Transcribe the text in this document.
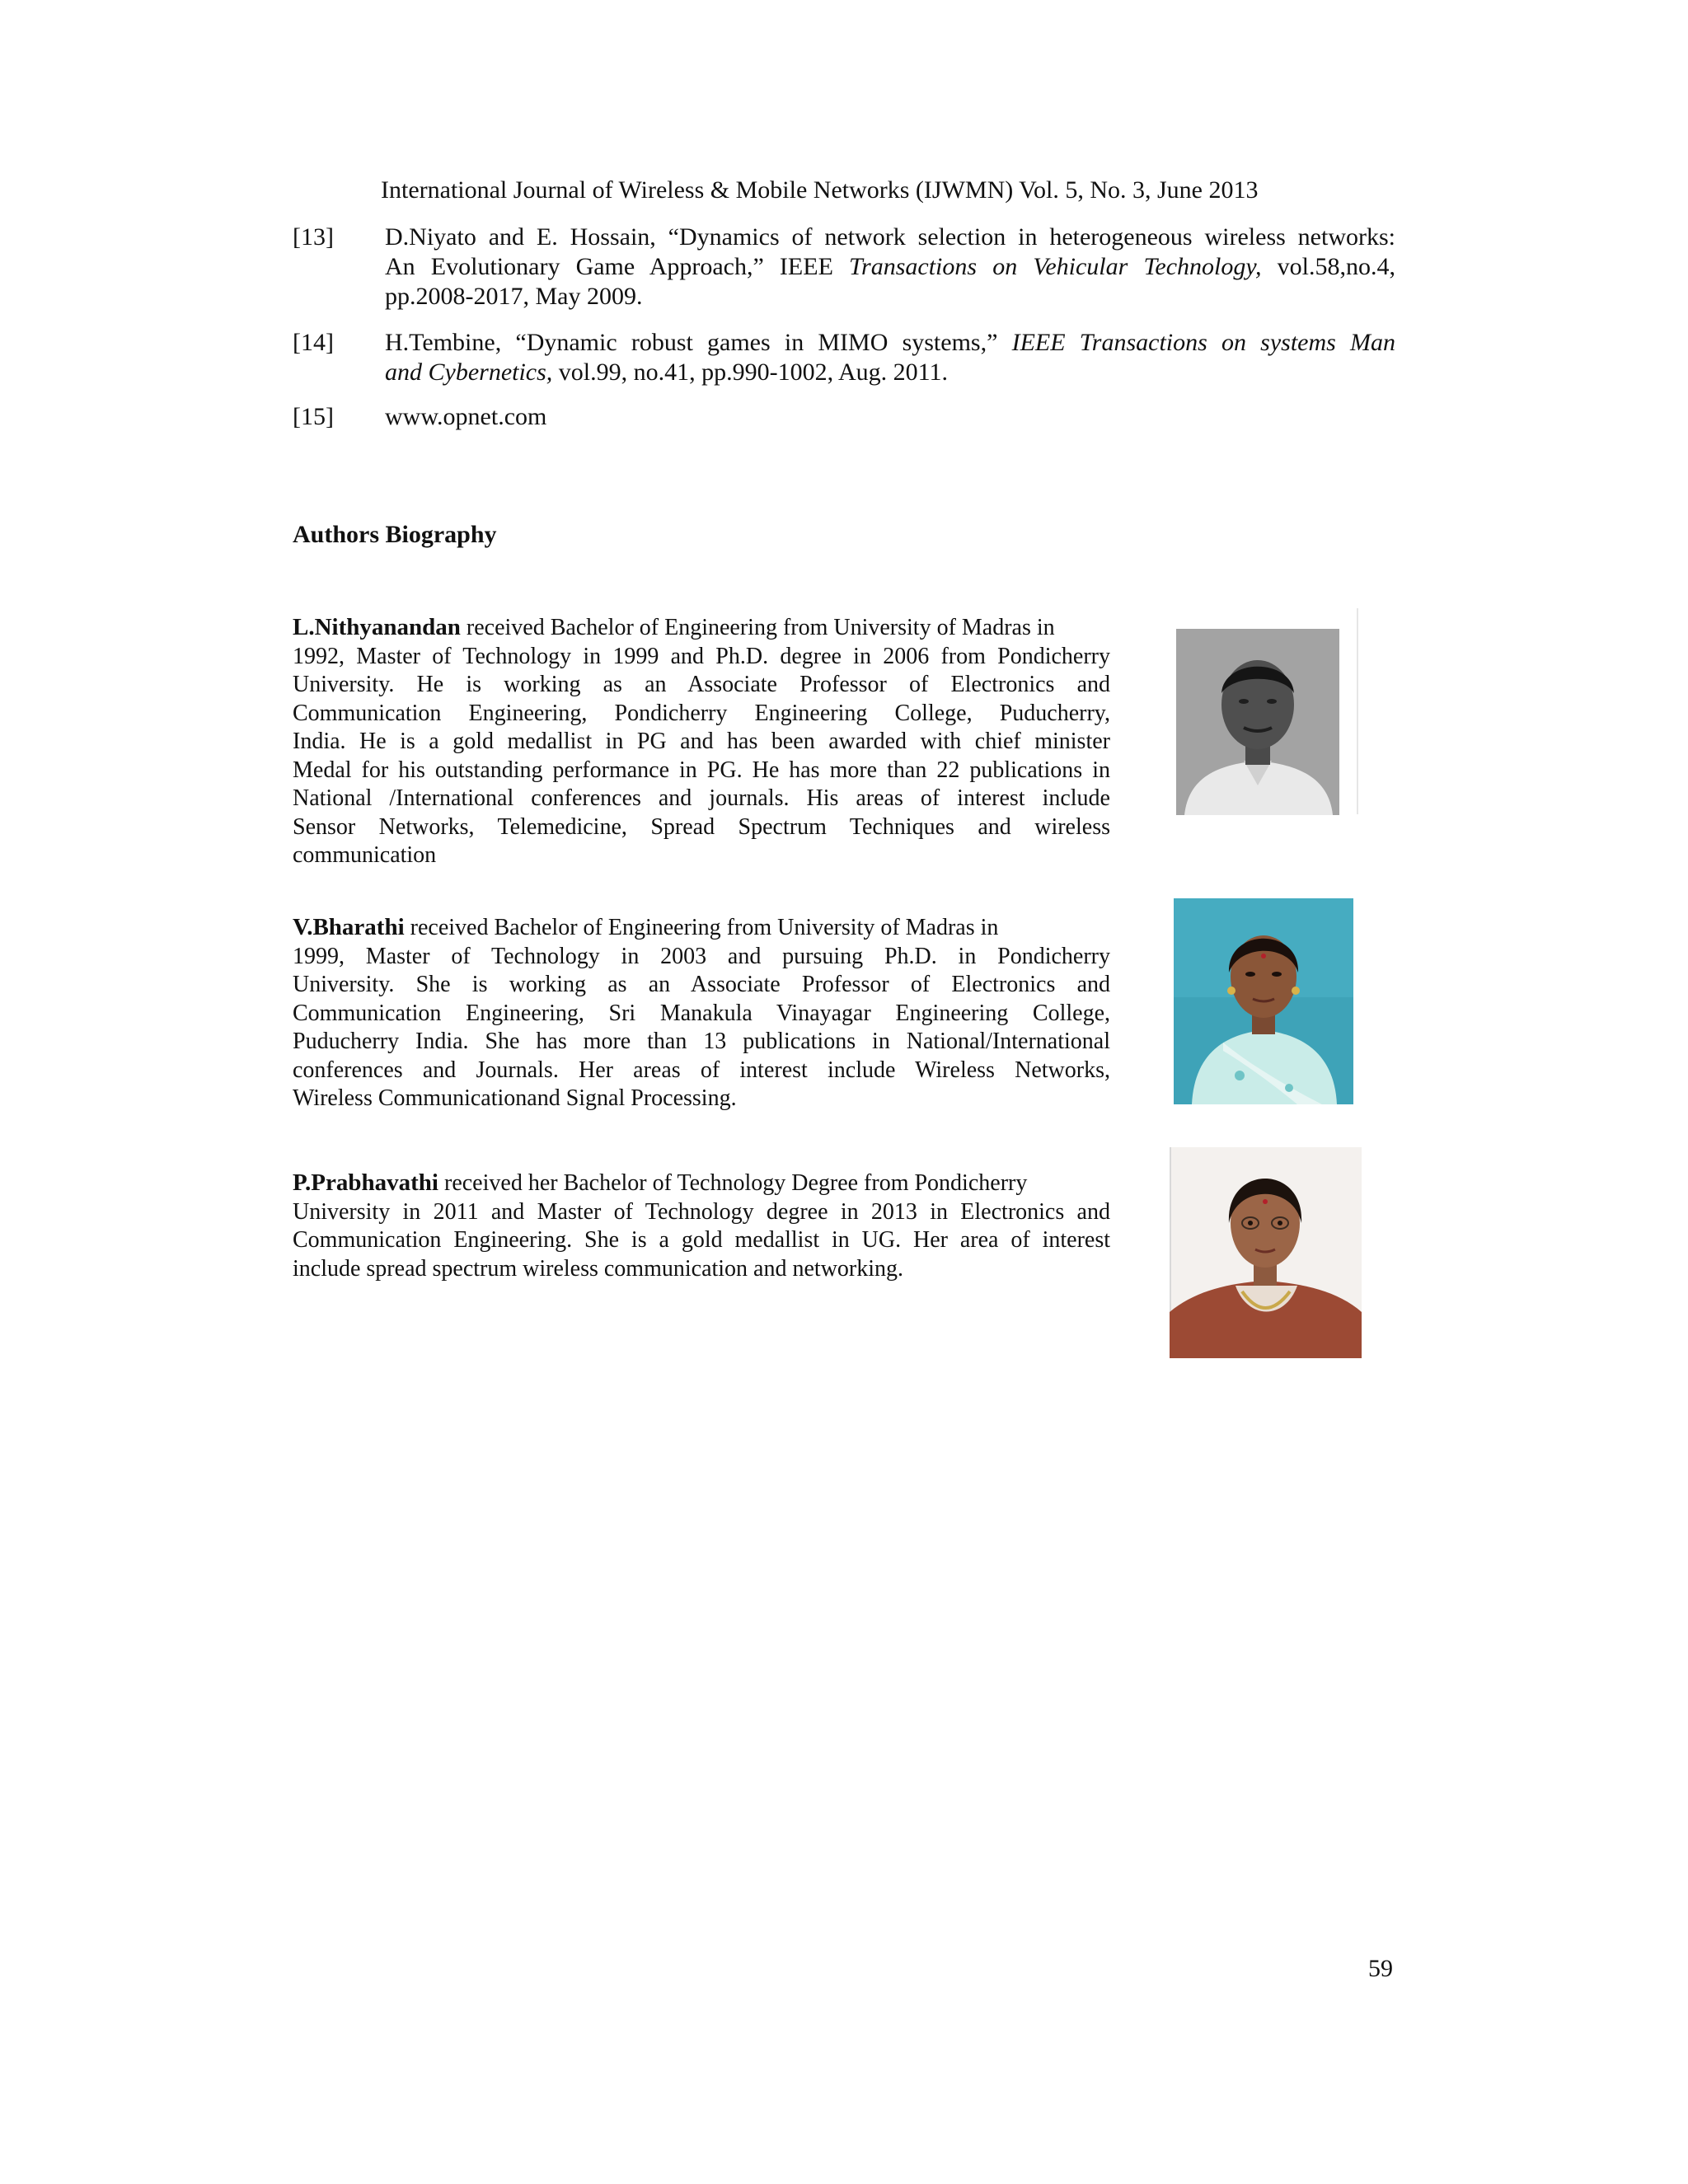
International Journal of Wireless & Mobile Networks (IJWMN) Vol. 5, No. 3, June 2013
[13] D.Niyato and E. Hossain, “Dynamics of network selection in heterogeneous wireless networks:
An Evolutionary Game Approach,” IEEE Transactions on Vehicular Technology, vol.58,no.4,
pp.2008-2017, May 2009.
[14] H.Tembine, “Dynamic robust games in MIMO systems,” IEEE Transactions on systems Man
and Cybernetics, vol.99, no.41, pp.990-1002, Aug. 2011.
[15] www.opnet.com
Authors Biography
L.Nithyanandan received Bachelor of Engineering from University of Madras in
1992, Master of Technology in 1999 and Ph.D. degree in 2006 from Pondicherry
University. He is working as an Associate Professor of Electronics and
Communication Engineering, Pondicherry Engineering College, Puducherry,
India. He is a gold medallist in PG and has been awarded with chief minister
Medal for his outstanding performance in PG. He has more than 22 publications in
National /International conferences and journals. His areas of interest include
Sensor Networks, Telemedicine, Spread Spectrum Techniques and wireless
communication
V.Bharathi received Bachelor of Engineering from University of Madras in
1999, Master of Technology in 2003 and pursuing Ph.D. in Pondicherry
University. She is working as an Associate Professor of Electronics and
Communication Engineering, Sri Manakula Vinayagar Engineering College,
Puducherry India. She has more than 13 publications in National/International
conferences and Journals. Her areas of interest include Wireless Networks,
Wireless Communicationand Signal Processing.
P.Prabhavathi received her Bachelor of Technology Degree from Pondicherry
University in 2011 and Master of Technology degree in 2013 in Electronics and
Communication Engineering. She is a gold medallist in UG. Her area of interest
include spread spectrum wireless communication and networking.
59
